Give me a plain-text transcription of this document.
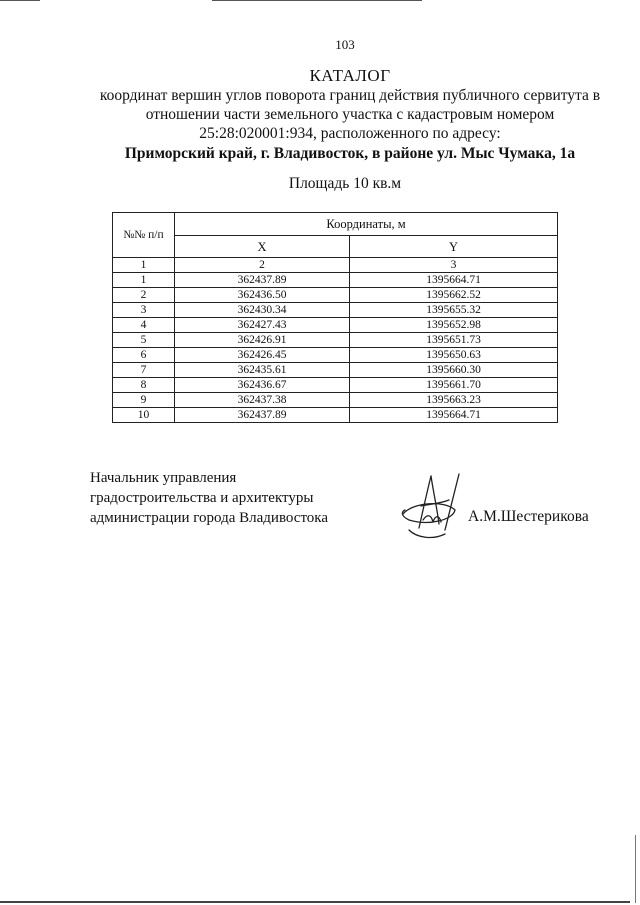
103
КАТАЛОГ
координат вершин углов поворота границ действия публичного сервитута в
отношении части земельного участка с кадастровым номером
25:28:020001:934, расположенного по адресу:
Приморский край, г. Владивосток, в районе ул. Мыс Чумака, 1а
Площадь 10 кв.м
№№ п/п	Координаты, м	
	X	Y
1	2	3
1	362437.89	1395664.71
2	362436.50	1395662.52
3	362430.34	1395655.32
4	362427.43	1395652.98
5	362426.91	1395651.73
6	362426.45	1395650.63
7	362435.61	1395660.30
8	362436.67	1395661.70
9	362437.38	1395663.23
10	362437.89	1395664.71
Начальник управления
градостроительства и архитектуры
администрации города Владивостока	А.М.Шестерикова
